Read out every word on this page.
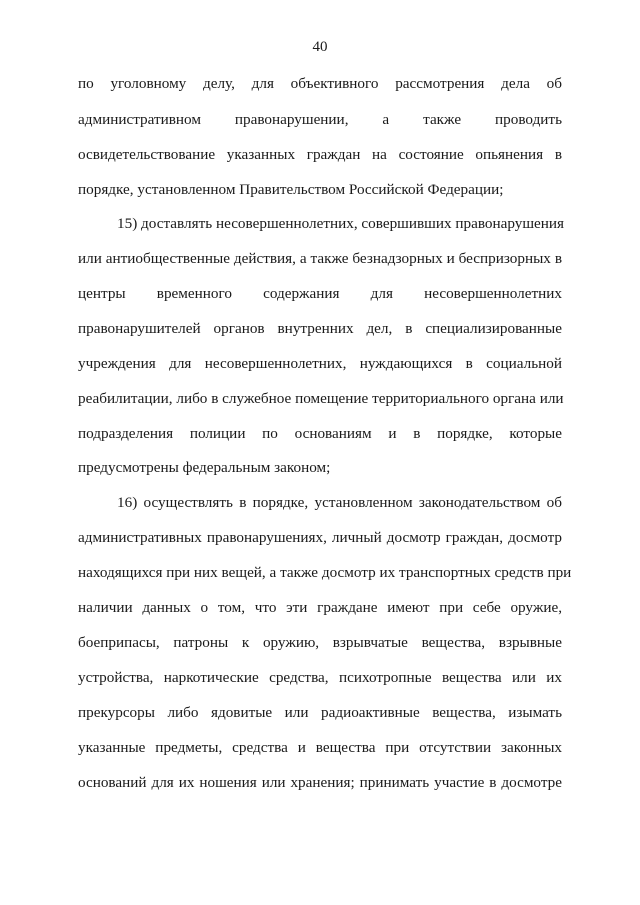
40
по уголовному делу, для объективного рассмотрения дела об
административном правонарушении, а также проводить
освидетельствование указанных граждан на состояние опьянения в
порядке, установленном Правительством Российской Федерации;
15) доставлять несовершеннолетних, совершивших правонарушения
или антиобщественные действия, а также безнадзорных и беспризорных в
центры временного содержания для несовершеннолетних
правонарушителей органов внутренних дел, в специализированные
учреждения для несовершеннолетних, нуждающихся в социальной
реабилитации, либо в служебное помещение территориального органа или
подразделения полиции по основаниям и в порядке, которые
предусмотрены федеральным законом;
16) осуществлять в порядке, установленном законодательством об
административных правонарушениях, личный досмотр граждан, досмотр
находящихся при них вещей, а также досмотр их транспортных средств при
наличии данных о том, что эти граждане имеют при себе оружие,
боеприпасы, патроны к оружию, взрывчатые вещества, взрывные
устройства, наркотические средства, психотропные вещества или их
прекурсоры либо ядовитые или радиоактивные вещества, изымать
указанные предметы, средства и вещества при отсутствии законных
оснований для их ношения или хранения; принимать участие в досмотре
